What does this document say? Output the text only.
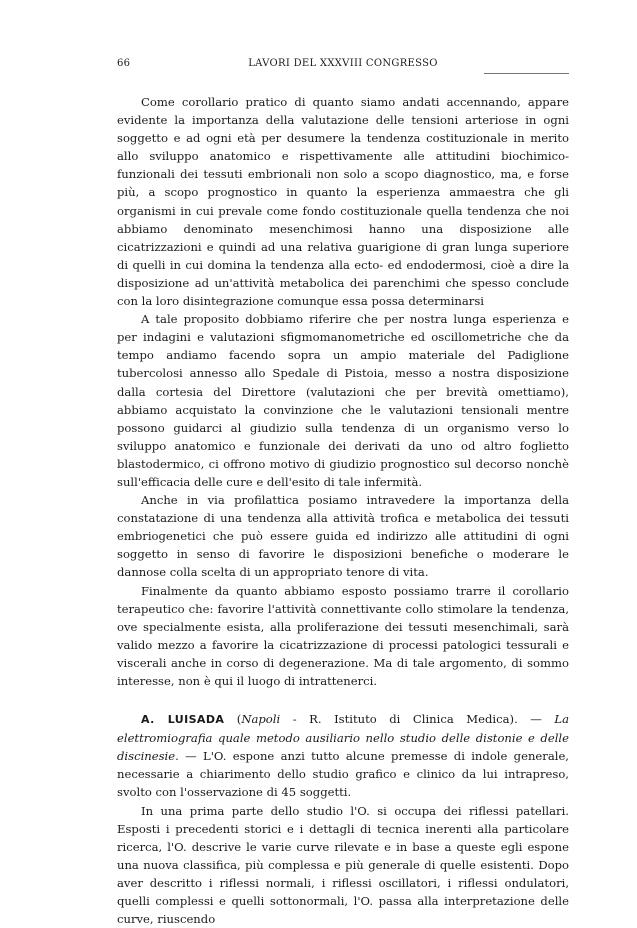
66	LAVORI DEL XXXVIII CONGRESSO

Come corollario pratico di quanto siamo andati accennando, appare evidente la importanza della valutazione delle tensioni arteriose in ogni soggetto e ad ogni età per desumere la tendenza costituzionale in merito allo sviluppo anatomico e rispettivamente alle attitudini biochimico-funzionali dei tessuti embrionali non solo a scopo diagnostico, ma, e forse più, a scopo prognostico in quanto la esperienza ammaestra che gli organismi in cui prevale come fondo costituzionale quella tendenza che noi abbiamo denominato mesenchimosi hanno una disposizione alle cicatrizzazioni e quindi ad una relativa guarigione di gran lunga superiore di quelli in cui domina la tendenza alla ecto- ed endodermosi, cioè a dire la disposizione ad un'attività metabolica dei parenchimi che spesso conclude con la loro disintegrazione comunque essa possa determinarsi

A tale proposito dobbiamo riferire che per nostra lunga esperienza e per indagini e valutazioni sfigmomanometriche ed oscillometriche che da tempo andiamo facendo sopra un ampio materiale del Padiglione tubercolosi annesso allo Spedale di Pistoia, messo a nostra disposizione dalla cortesia del Direttore (valutazioni che per brevità omettiamo), abbiamo acquistato la convinzione che le valutazioni tensionali mentre possono guidarci al giudizio sulla tendenza di un organismo verso lo sviluppo anatomico e funzionale dei derivati da uno od altro foglietto blastodermico, ci offrono motivo di giudizio prognostico sul decorso nonchè sull'efficacia delle cure e dell'esito di tale infermità.

Anche in via profilattica posiamo intravedere la importanza della constatazione di una tendenza alla attività trofica e metabolica dei tessuti embriogenetici che può essere guida ed indirizzo alle attitudini di ogni soggetto in senso di favorire le disposizioni benefiche o moderare le dannose colla scelta di un appropriato tenore di vita.

Finalmente da quanto abbiamo esposto possiamo trarre il corollario terapeutico che: favorire l'attività connettivante collo stimolare la tendenza, ove specialmente esista, alla proliferazione dei tessuti mesenchimali, sarà valido mezzo a favorire la cicatrizzazione di processi patologici tessurali e viscerali anche in corso di degenerazione. Ma di tale argomento, di sommo interesse, non è qui il luogo di intrattenerci.

A. LUISADA (Napoli - R. Istituto di Clinica Medica). — La elettromiografia quale metodo ausiliario nello studio delle distonie e delle discinesie. — L'O. espone anzi tutto alcune premesse di indole generale, necessarie a chiarimento dello studio grafico e clinico da lui intrapreso, svolto con l'osservazione di 45 soggetti.

In una prima parte dello studio l'O. si occupa dei riflessi patellari. Esposti i precedenti storici e i dettagli di tecnica inerenti alla particolare ricerca, l'O. descrive le varie curve rilevate e in base a queste egli espone una nuova classifica, più complessa e più generale di quelle esistenti. Dopo aver descritto i riflessi normali, i riflessi oscillatori, i riflessi ondulatori, quelli complessi e quelli sottonormali, l'O. passa alla interpretazione delle curve, riuscendo
